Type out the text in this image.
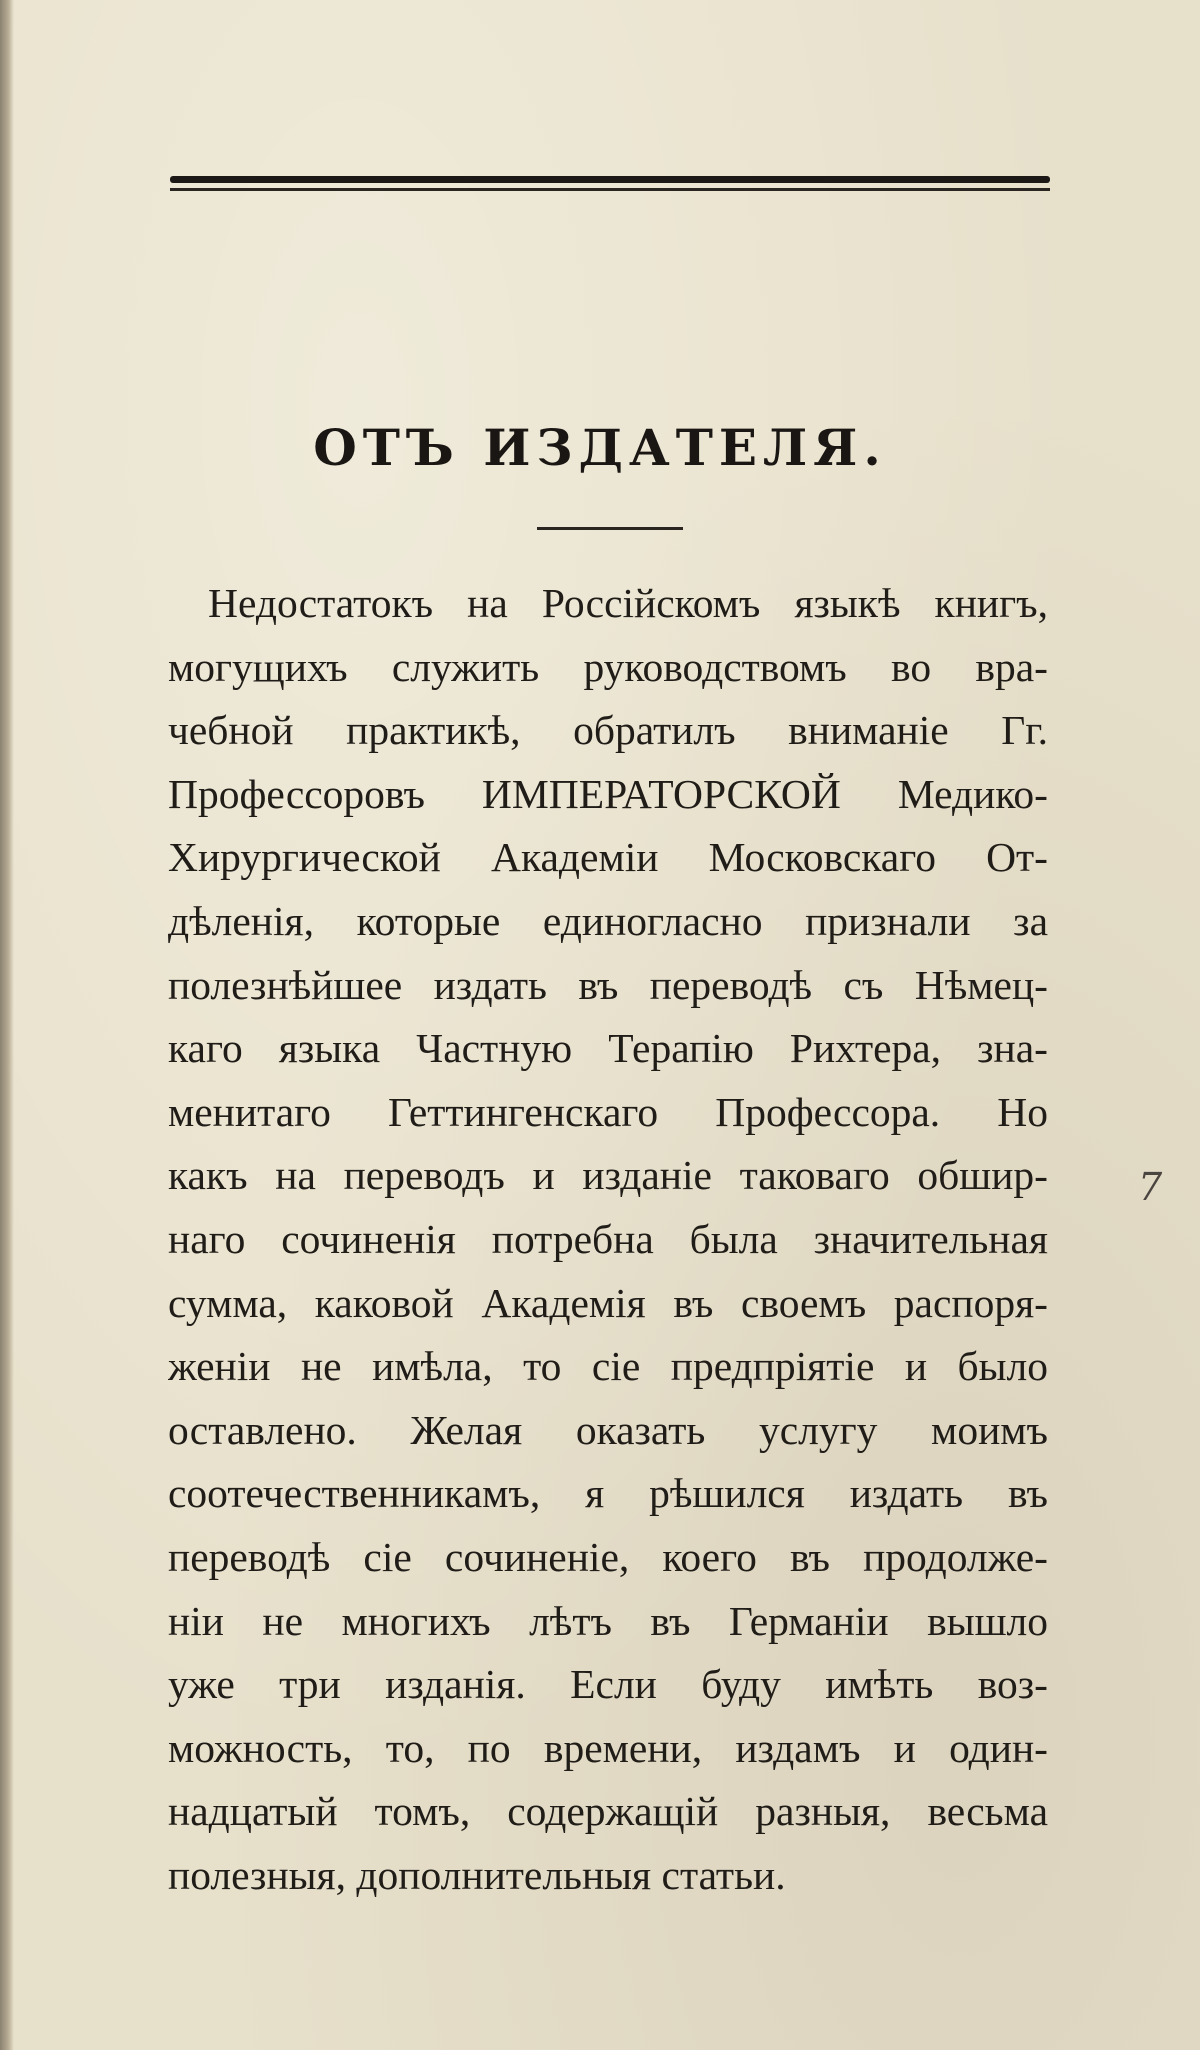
ОТЪ ИЗДАТЕЛЯ.
Недостатокъ на Россійскомъ языкѣ книгъ,
могущихъ служить руководствомъ во вра-
чебной практикѣ, обратилъ вниманіе Гг.
Профессоровъ ИМПЕРАТОРСКОЙ Медико-
Хирургической Академіи Московскаго От-
дѣленія, которые единогласно признали за
полезнѣйшее издать въ переводѣ съ Нѣмец-
каго языка Частную Терапію Рихтера, зна-
менитаго Геттингенскаго Профессора. Но
какъ на переводъ и изданіе таковаго обшир-
наго сочиненія потребна была значительная
сумма, каковой Академія въ своемъ распоря-
женіи не имѣла, то сіе предпріятіе и было
оставлено. Желая оказать услугу моимъ
соотечественникамъ, я рѣшился издать въ
переводѣ сіе сочиненіе, коего въ продолже-
ніи не многихъ лѣтъ въ Германіи вышло
уже три изданія. Если буду имѣть воз-
можность, то, по времени, издамъ и один-
надцатый томъ, содержащій разныя, весьма
полезныя, дополнительныя статьи.
7
